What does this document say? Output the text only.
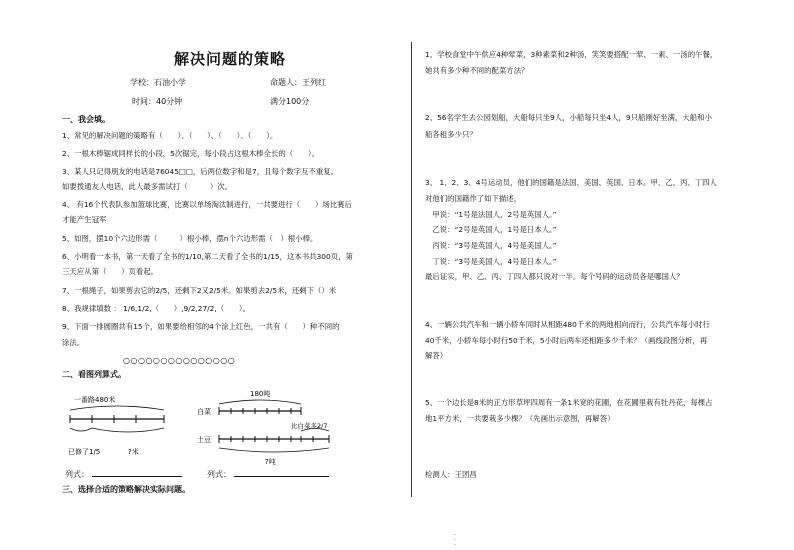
解决问题的策略
学校：石油小学	命题人：王列红
时间：40分钟	满分100分
一、我会填。
1、常见的解决问题的策略有（　　）、（　　）、（　　）、（　　）。
2、一根木棒锯成同样长的小段，5次锯完，每小段占这根木棒全长的（　　）。
3、某人只记得朋友的电话是76045□□，后两位数字和是7，且每个数字互不重复。
如要拨通友人电话，此人最多需试打（　　　）次。
4、 有16个代表队参加篮球比赛，比赛以单场淘汰制进行，一共要进行（　　）场比赛后
才能产生冠军
5、如图，摆10个六边形需（　　　）根小棒，摆n个六边形需（　）根小棒。
6、小明看一本书，第一天看了全书的1/10,第二天看了全书的1/15，这本书共300页，第
三天应从第（　　）页看起。
7、一根绳子，如果剪去它的2/5，还剩下2又2/5米。如果剪去2/5米，还剩下（）米
8、我规律填数 ： 1/6,1/2,（　　）,9/2,27/2,（　　）。
9、下面一排圆圈共有15个，如果要给相邻的4个涂上红色，一共有（　　）种不同的
涂法。
○○○○○○○○○○○○○○○
二、看图列算式。
一番路480米
已修了1/5	?米
180吨
白菜
比白菜多2/7
土豆
?吨
列式：	列式：
三、选择合适的策略解决实际问题。
1、学校食堂中午供应4种荤菜，3种素菜和2种汤，笑笑要搭配一荤、一素、一汤的午餐，
她共有多少种不同的配菜方法？
2、56名学生去公园划船，大船每只坐9人，小船每只坐4人，9只船刚好坐满，大船和小
船各租多少只？
3、 1、2、3、4号运动员，他们的国籍是法国、美国、英国、日本。甲、乙、丙、丁四人
对他们的国籍作了如下描述，
　甲说：“1号是法国人，2号是英国人。”
　乙说：“2号是英国人，1号是日本人。”
　丙说：“3号是英国人，4号是美国人。”
　丁说：“3号是美国人，4号是日本人。”
最后证实，甲、乙、丙、丁四人都只说对一半。每个号码的运动员各是哪国人？
4、一辆公共汽车和一辆小轿车同时从相距480千米的两地相向而行，公共汽车每小时行
40千米，小轿车每小时行50千米，5小时后两车还相距多少千米？（画线段图分析，再
解答）
5、一个边长是8米的正方形草坪四周有一条1米宽的花圃，在花圃里栽有牡丹花，每棵占
地1平方米，一共要栽多少棵？（先画出示意图，再解答）
检测人：王团昌
·
·
·
